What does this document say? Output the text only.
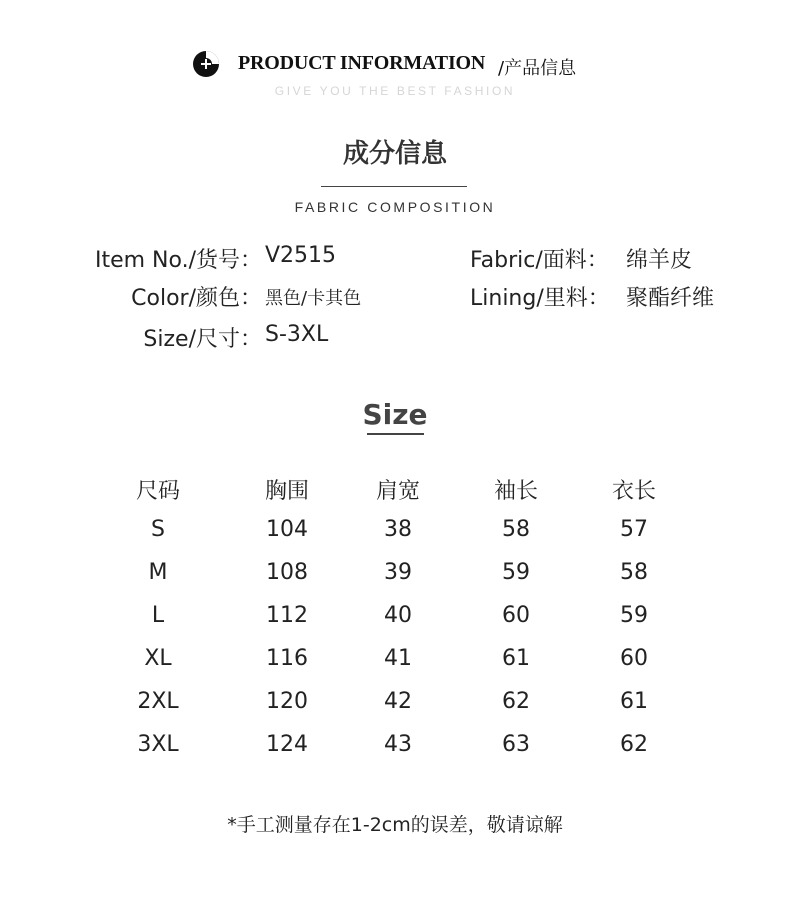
PRODUCT INFORMATION /产品信息
GIVE YOU THE BEST FASHION
成分信息
FABRIC COMPOSITION
Item No./货号： V2515	Fabric/面料： 绵羊皮
Color/颜色： 黑色/卡其色	Lining/里料： 聚酯纤维
Size/尺寸： S-3XL
Size
尺码	胸围	肩宽	袖长	衣长
S	104	38	58	57
M	108	39	59	58
L	112	40	60	59
XL	116	41	61	60
2XL	120	42	62	61
3XL	124	43	63	62
*手工测量存在1-2cm的误差，敬请谅解
